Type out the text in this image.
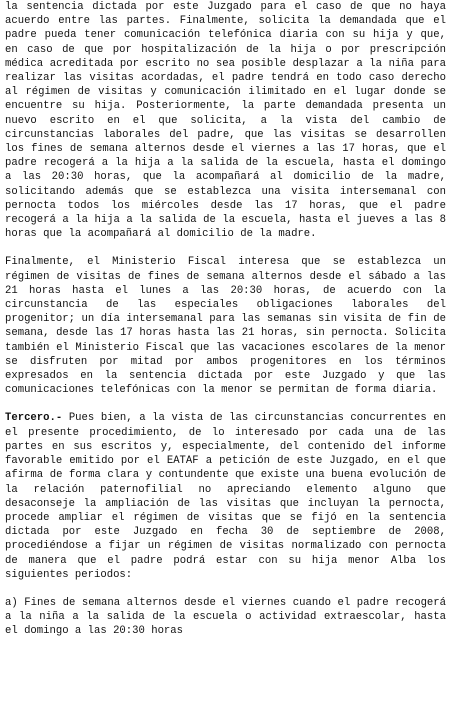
la sentencia dictada por este Juzgado para el caso de que no haya acuerdo entre las partes. Finalmente, solicita la demandada que el padre pueda tener comunicación telefónica diaria con su hija y que, en caso de que por hospitalización de la hija o por prescripción médica acreditada por escrito no sea posible desplazar a la niña para realizar las visitas acordadas, el padre tendrá en todo caso derecho al régimen de visitas y comunicación ilimitado en el lugar donde se encuentre su hija. Posteriormente, la parte demandada presenta un nuevo escrito en el que solicita, a la vista del cambio de circunstancias laborales del padre, que las visitas se desarrollen los fines de semana alternos desde el viernes a las 17 horas, que el padre recogerá a la hija a la salida de la escuela, hasta el domingo a las 20:30 horas, que la acompañará al domicilio de la madre, solicitando además que se establezca una visita intersemanal con pernocta todos los miércoles desde las 17 horas, que el padre recogerá a la hija a la salida de la escuela, hasta el jueves a las 8 horas que la acompañará al domicilio de la madre.

Finalmente, el Ministerio Fiscal interesa que se establezca un régimen de visitas de fines de semana alternos desde el sábado a las 21 horas hasta el lunes a las 20:30 horas, de acuerdo con la circunstancia de las especiales obligaciones laborales del progenitor; un día intersemanal para las semanas sin visita de fin de semana, desde las 17 horas hasta las 21 horas, sin pernocta. Solicita también el Ministerio Fiscal que las vacaciones escolares de la menor se disfruten por mitad por ambos progenitores en los términos expresados en la sentencia dictada por este Juzgado y que las comunicaciones telefónicas con la menor se permitan de forma diaria.

Tercero.- Pues bien, a la vista de las circunstancias concurrentes en el presente procedimiento, de lo interesado por cada una de las partes en sus escritos y, especialmente, del contenido del informe favorable emitido por el EATAF a petición de este Juzgado, en el que afirma de forma clara y contundente que existe una buena evolución de la relación paternofilial no apreciando elemento alguno que desaconseje la ampliación de las visitas que incluyan la pernocta, procede ampliar el régimen de visitas que se fijó en la sentencia dictada por este Juzgado en fecha 30 de septiembre de 2008, procediéndose a fijar un régimen de visitas normalizado con pernocta de manera que el padre podrá estar con su hija menor Alba los siguientes periodos:

a) Fines de semana alternos desde el viernes cuando el padre recogerá a la niña a la salida de la escuela o actividad extraescolar, hasta el domingo a las 20:30 horas
